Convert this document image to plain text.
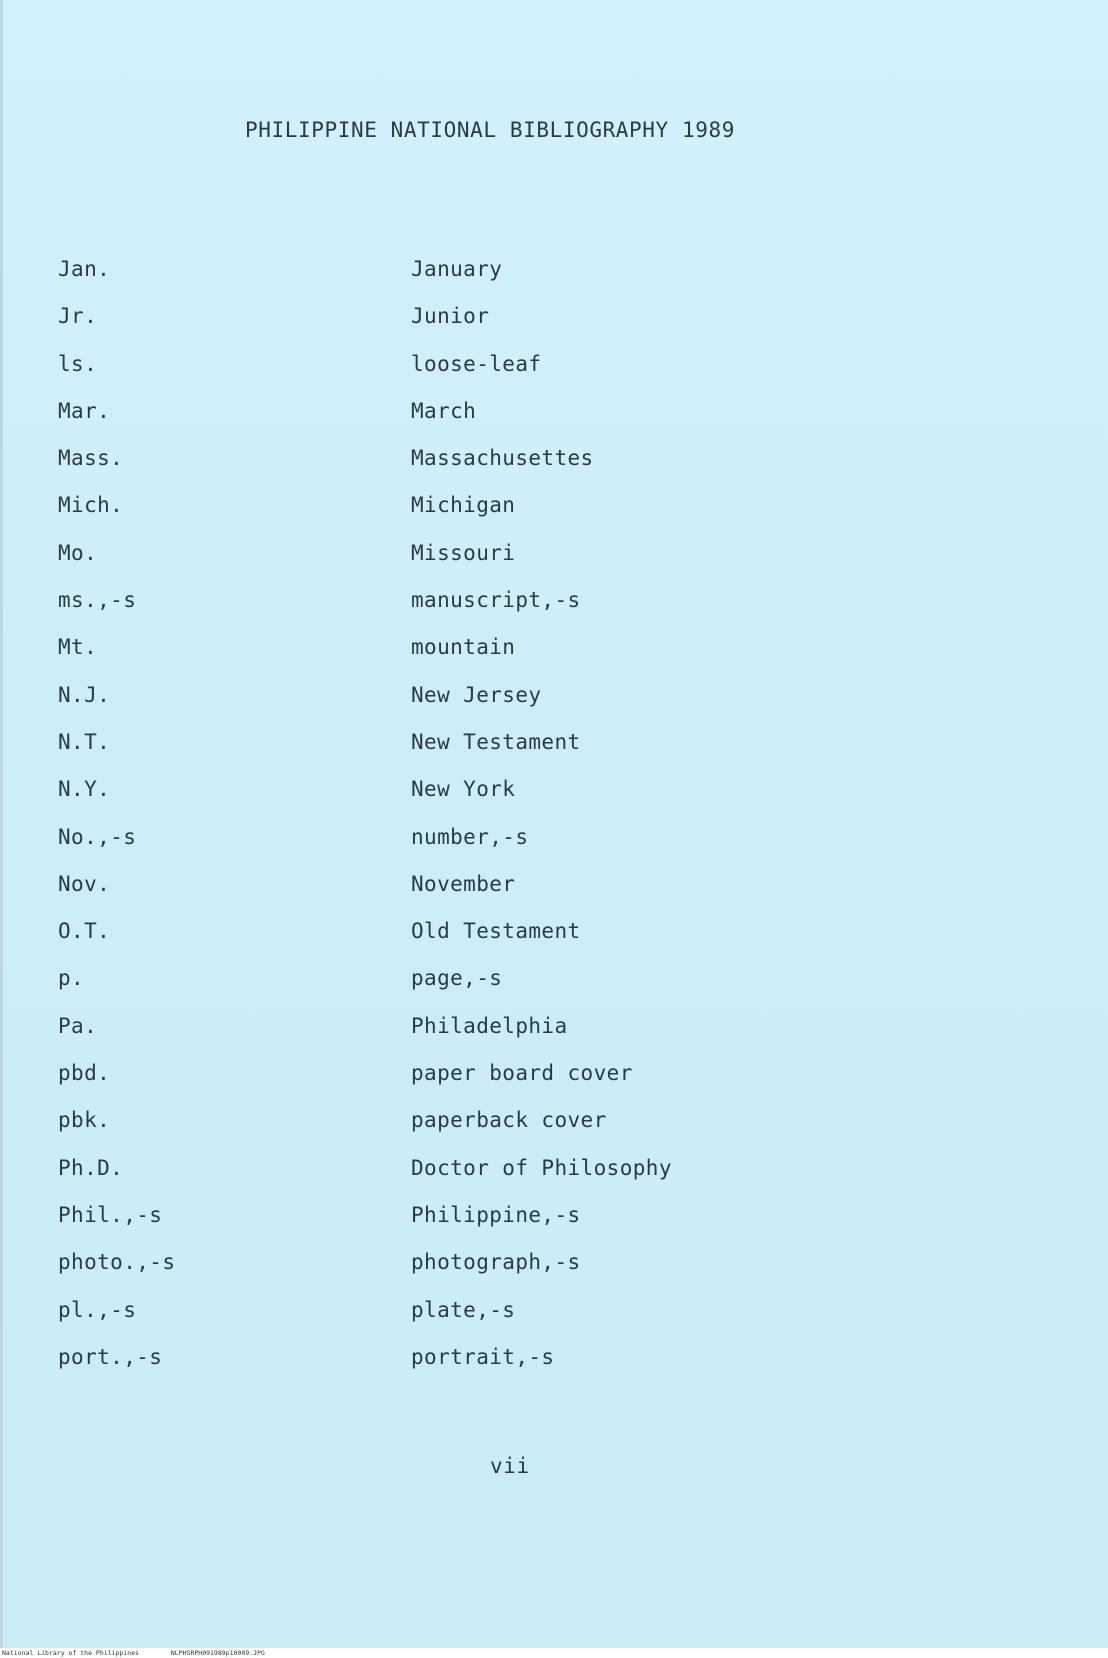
PHILIPPINE NATIONAL BIBLIOGRAPHY 1989
Jan.	January
Jr.	Junior
ls.	loose-leaf
Mar.	March
Mass.	Massachusettes
Mich.	Michigan
Mo.	Missouri
ms.,-s	manuscript,-s
Mt.	mountain
N.J.	New Jersey
N.T.	New Testament
N.Y.	New York
No.,-s	number,-s
Nov.	November
O.T.	Old Testament
p.	page,-s
Pa.	Philadelphia
pbd.	paper board cover
pbk.	paperback cover
Ph.D.	Doctor of Philosophy
Phil.,-s	Philippine,-s
photo.,-s	photograph,-s
pl.,-s	plate,-s
port.,-s	portrait,-s
vii
National Library of the Philippines	NLPHSRPH091989p10009.JPG
